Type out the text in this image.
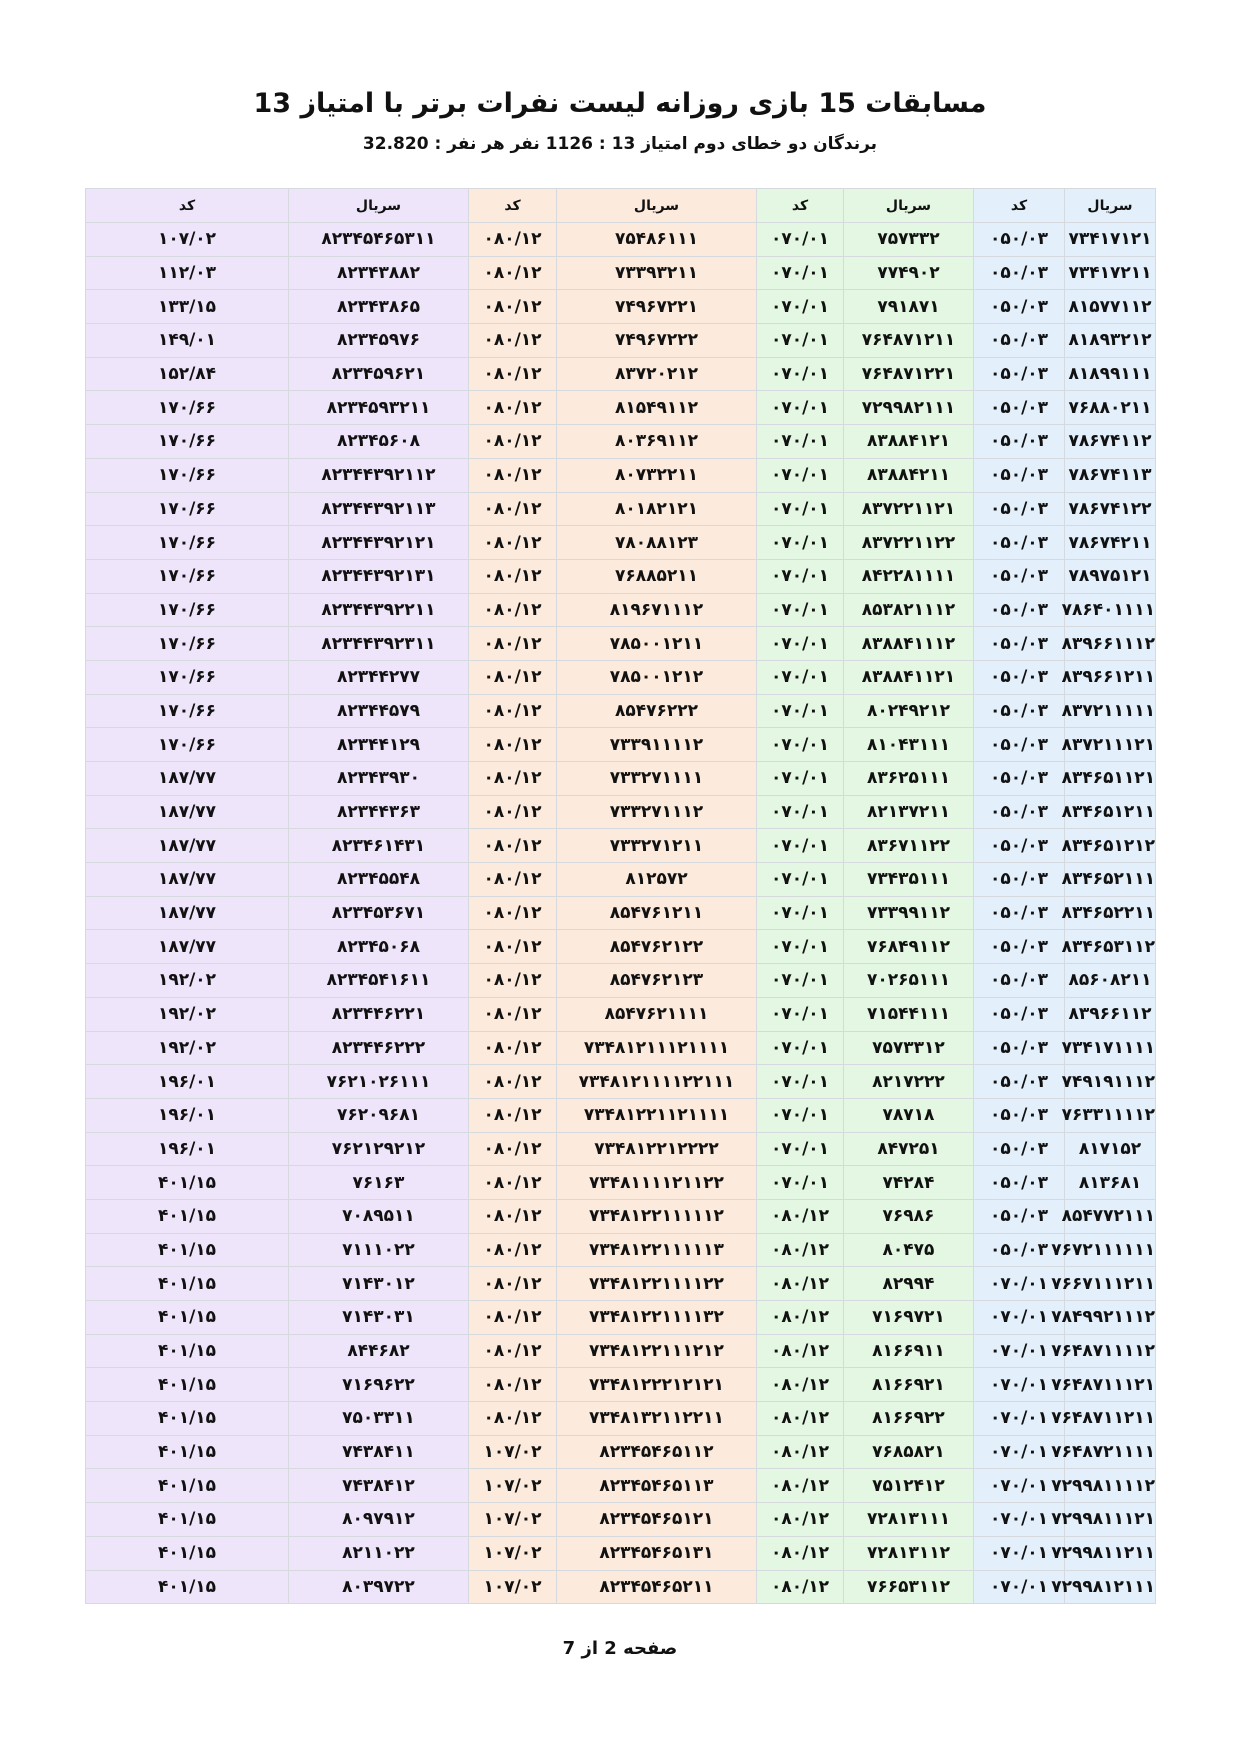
مسابقات 15 بازی روزانه لیست نفرات برتر با امتیاز 13
برندگان دو خطای دوم امتیاز 13 : 1126 نفر هر نفر : 32.820
سریال	کد	سریال	کد	سریال	کد	سریال	کد
۷۳۴۱۷۱۲۱	۰۵۰/۰۳	۷۵۷۳۳۲	۰۷۰/۰۱	۷۵۴۸۶۱۱۱	۰۸۰/۱۲	۸۲۳۴۵۴۶۵۳۱۱	۱۰۷/۰۲
۷۳۴۱۷۲۱۱	۰۵۰/۰۳	۷۷۴۹۰۲	۰۷۰/۰۱	۷۳۳۹۳۲۱۱	۰۸۰/۱۲	۸۲۳۴۳۸۸۲	۱۱۲/۰۳
۸۱۵۷۷۱۱۲	۰۵۰/۰۳	۷۹۱۸۷۱	۰۷۰/۰۱	۷۴۹۶۷۲۲۱	۰۸۰/۱۲	۸۲۳۴۳۸۶۵	۱۳۳/۱۵
۸۱۸۹۳۲۱۲	۰۵۰/۰۳	۷۶۴۸۷۱۲۱۱	۰۷۰/۰۱	۷۴۹۶۷۲۲۲	۰۸۰/۱۲	۸۲۳۴۵۹۷۶	۱۴۹/۰۱
۸۱۸۹۹۱۱۱	۰۵۰/۰۳	۷۶۴۸۷۱۲۲۱	۰۷۰/۰۱	۸۳۷۲۰۲۱۲	۰۸۰/۱۲	۸۲۳۴۵۹۶۲۱	۱۵۲/۸۴
۷۶۸۸۰۲۱۱	۰۵۰/۰۳	۷۲۹۹۸۲۱۱۱	۰۷۰/۰۱	۸۱۵۴۹۱۱۲	۰۸۰/۱۲	۸۲۳۴۵۹۳۲۱۱	۱۷۰/۶۶
۷۸۶۷۴۱۱۲	۰۵۰/۰۳	۸۳۸۸۴۱۲۱	۰۷۰/۰۱	۸۰۳۶۹۱۱۲	۰۸۰/۱۲	۸۲۳۴۵۶۰۸	۱۷۰/۶۶
۷۸۶۷۴۱۱۳	۰۵۰/۰۳	۸۳۸۸۴۲۱۱	۰۷۰/۰۱	۸۰۷۳۲۲۱۱	۰۸۰/۱۲	۸۲۳۴۴۳۹۲۱۱۲	۱۷۰/۶۶
۷۸۶۷۴۱۲۲	۰۵۰/۰۳	۸۳۷۲۲۱۱۲۱	۰۷۰/۰۱	۸۰۱۸۲۱۲۱	۰۸۰/۱۲	۸۲۳۴۴۳۹۲۱۱۳	۱۷۰/۶۶
۷۸۶۷۴۲۱۱	۰۵۰/۰۳	۸۳۷۲۲۱۱۲۲	۰۷۰/۰۱	۷۸۰۸۸۱۲۳	۰۸۰/۱۲	۸۲۳۴۴۳۹۲۱۲۱	۱۷۰/۶۶
۷۸۹۷۵۱۲۱	۰۵۰/۰۳	۸۴۲۲۸۱۱۱۱	۰۷۰/۰۱	۷۶۸۸۵۲۱۱	۰۸۰/۱۲	۸۲۳۴۴۳۹۲۱۳۱	۱۷۰/۶۶
۷۸۶۴۰۱۱۱۱	۰۵۰/۰۳	۸۵۳۸۲۱۱۱۲	۰۷۰/۰۱	۸۱۹۶۷۱۱۱۲	۰۸۰/۱۲	۸۲۳۴۴۳۹۲۲۱۱	۱۷۰/۶۶
۸۳۹۶۶۱۱۱۲	۰۵۰/۰۳	۸۳۸۸۴۱۱۱۲	۰۷۰/۰۱	۷۸۵۰۰۱۲۱۱	۰۸۰/۱۲	۸۲۳۴۴۳۹۲۳۱۱	۱۷۰/۶۶
۸۳۹۶۶۱۲۱۱	۰۵۰/۰۳	۸۳۸۸۴۱۱۲۱	۰۷۰/۰۱	۷۸۵۰۰۱۲۱۲	۰۸۰/۱۲	۸۲۳۴۴۲۷۷	۱۷۰/۶۶
۸۳۷۲۱۱۱۱۱	۰۵۰/۰۳	۸۰۲۴۹۲۱۲	۰۷۰/۰۱	۸۵۴۷۶۲۲۲	۰۸۰/۱۲	۸۲۳۴۴۵۷۹	۱۷۰/۶۶
۸۳۷۲۱۱۱۲۱	۰۵۰/۰۳	۸۱۰۴۳۱۱۱	۰۷۰/۰۱	۷۳۳۹۱۱۱۱۲	۰۸۰/۱۲	۸۲۳۴۴۱۲۹	۱۷۰/۶۶
۸۳۴۶۵۱۱۲۱	۰۵۰/۰۳	۸۳۶۲۵۱۱۱	۰۷۰/۰۱	۷۳۳۲۷۱۱۱۱	۰۸۰/۱۲	۸۲۳۴۳۹۳۰	۱۸۷/۷۷
۸۳۴۶۵۱۲۱۱	۰۵۰/۰۳	۸۲۱۳۷۲۱۱	۰۷۰/۰۱	۷۳۳۲۷۱۱۱۲	۰۸۰/۱۲	۸۲۳۴۴۳۶۳	۱۸۷/۷۷
۸۳۴۶۵۱۲۱۲	۰۵۰/۰۳	۸۳۶۷۱۱۲۲	۰۷۰/۰۱	۷۳۳۲۷۱۲۱۱	۰۸۰/۱۲	۸۲۳۴۶۱۴۳۱	۱۸۷/۷۷
۸۳۴۶۵۲۱۱۱	۰۵۰/۰۳	۷۳۴۳۵۱۱۱	۰۷۰/۰۱	۸۱۲۵۷۲	۰۸۰/۱۲	۸۲۳۴۵۵۴۸	۱۸۷/۷۷
۸۳۴۶۵۲۲۱۱	۰۵۰/۰۳	۷۳۳۹۹۱۱۲	۰۷۰/۰۱	۸۵۴۷۶۱۲۱۱	۰۸۰/۱۲	۸۲۳۴۵۳۶۷۱	۱۸۷/۷۷
۸۳۴۶۵۳۱۱۲	۰۵۰/۰۳	۷۶۸۴۹۱۱۲	۰۷۰/۰۱	۸۵۴۷۶۲۱۲۲	۰۸۰/۱۲	۸۲۳۴۵۰۶۸	۱۸۷/۷۷
۸۵۶۰۸۲۱۱	۰۵۰/۰۳	۷۰۲۶۵۱۱۱	۰۷۰/۰۱	۸۵۴۷۶۲۱۲۳	۰۸۰/۱۲	۸۲۳۴۵۴۱۶۱۱	۱۹۲/۰۲
۸۳۹۶۶۱۱۲	۰۵۰/۰۳	۷۱۵۴۴۱۱۱	۰۷۰/۰۱	۸۵۴۷۶۲۱۱۱۱	۰۸۰/۱۲	۸۲۳۴۴۶۲۲۱	۱۹۲/۰۲
۷۳۴۱۷۱۱۱۱	۰۵۰/۰۳	۷۵۷۳۳۱۲	۰۷۰/۰۱	۷۳۴۸۱۲۱۱۱۲۱۱۱۱	۰۸۰/۱۲	۸۲۳۴۴۶۲۲۲	۱۹۲/۰۲
۷۴۹۱۹۱۱۱۲	۰۵۰/۰۳	۸۲۱۷۲۲۲	۰۷۰/۰۱	۷۳۴۸۱۲۱۱۱۱۲۲۱۱۱	۰۸۰/۱۲	۷۶۲۱۰۲۶۱۱۱	۱۹۶/۰۱
۷۶۳۳۱۱۱۱۲	۰۵۰/۰۳	۷۸۷۱۸	۰۷۰/۰۱	۷۳۴۸۱۲۲۱۱۲۱۱۱۱	۰۸۰/۱۲	۷۶۲۰۹۶۸۱	۱۹۶/۰۱
۸۱۷۱۵۲	۰۵۰/۰۳	۸۴۷۲۵۱	۰۷۰/۰۱	۷۳۴۸۱۲۲۱۲۲۲۲	۰۸۰/۱۲	۷۶۲۱۲۹۲۱۲	۱۹۶/۰۱
۸۱۳۶۸۱	۰۵۰/۰۳	۷۴۲۸۴	۰۷۰/۰۱	۷۳۴۸۱۱۱۱۲۱۱۲۲	۰۸۰/۱۲	۷۶۱۶۳	۴۰۱/۱۵
۸۵۴۷۷۲۱۱۱	۰۵۰/۰۳	۷۶۹۸۶	۰۸۰/۱۲	۷۳۴۸۱۲۲۱۱۱۱۱۲	۰۸۰/۱۲	۷۰۸۹۵۱۱	۴۰۱/۱۵
۷۶۷۲۱۱۱۱۱۱	۰۵۰/۰۳	۸۰۴۷۵	۰۸۰/۱۲	۷۳۴۸۱۲۲۱۱۱۱۱۳	۰۸۰/۱۲	۷۱۱۱۰۲۲	۴۰۱/۱۵
۷۶۶۷۱۱۱۲۱۱	۰۷۰/۰۱	۸۲۹۹۴	۰۸۰/۱۲	۷۳۴۸۱۲۲۱۱۱۱۲۲	۰۸۰/۱۲	۷۱۴۳۰۱۲	۴۰۱/۱۵
۷۸۴۹۹۲۱۱۱۲	۰۷۰/۰۱	۷۱۶۹۷۲۱	۰۸۰/۱۲	۷۳۴۸۱۲۲۱۱۱۱۳۲	۰۸۰/۱۲	۷۱۴۳۰۳۱	۴۰۱/۱۵
۷۶۴۸۷۱۱۱۱۲	۰۷۰/۰۱	۸۱۶۶۹۱۱	۰۸۰/۱۲	۷۳۴۸۱۲۲۱۱۱۲۱۲	۰۸۰/۱۲	۸۴۴۶۸۲	۴۰۱/۱۵
۷۶۴۸۷۱۱۱۲۱	۰۷۰/۰۱	۸۱۶۶۹۲۱	۰۸۰/۱۲	۷۳۴۸۱۲۲۲۱۲۱۲۱	۰۸۰/۱۲	۷۱۶۹۶۲۲	۴۰۱/۱۵
۷۶۴۸۷۱۱۲۱۱	۰۷۰/۰۱	۸۱۶۶۹۲۲	۰۸۰/۱۲	۷۳۴۸۱۳۲۱۱۲۲۱۱	۰۸۰/۱۲	۷۵۰۳۳۱۱	۴۰۱/۱۵
۷۶۴۸۷۲۱۱۱۱	۰۷۰/۰۱	۷۶۸۵۸۲۱	۰۸۰/۱۲	۸۲۳۴۵۴۶۵۱۱۲	۱۰۷/۰۲	۷۴۳۸۴۱۱	۴۰۱/۱۵
۷۲۹۹۸۱۱۱۱۲	۰۷۰/۰۱	۷۵۱۲۴۱۲	۰۸۰/۱۲	۸۲۳۴۵۴۶۵۱۱۳	۱۰۷/۰۲	۷۴۳۸۴۱۲	۴۰۱/۱۵
۷۲۹۹۸۱۱۱۲۱	۰۷۰/۰۱	۷۲۸۱۳۱۱۱	۰۸۰/۱۲	۸۲۳۴۵۴۶۵۱۲۱	۱۰۷/۰۲	۸۰۹۷۹۱۲	۴۰۱/۱۵
۷۲۹۹۸۱۱۲۱۱	۰۷۰/۰۱	۷۲۸۱۳۱۱۲	۰۸۰/۱۲	۸۲۳۴۵۴۶۵۱۳۱	۱۰۷/۰۲	۸۲۱۱۰۲۲	۴۰۱/۱۵
۷۲۹۹۸۱۲۱۱۱	۰۷۰/۰۱	۷۶۶۵۳۱۱۲	۰۸۰/۱۲	۸۲۳۴۵۴۶۵۲۱۱	۱۰۷/۰۲	۸۰۳۹۷۲۲	۴۰۱/۱۵
صفحه 2 از 7
